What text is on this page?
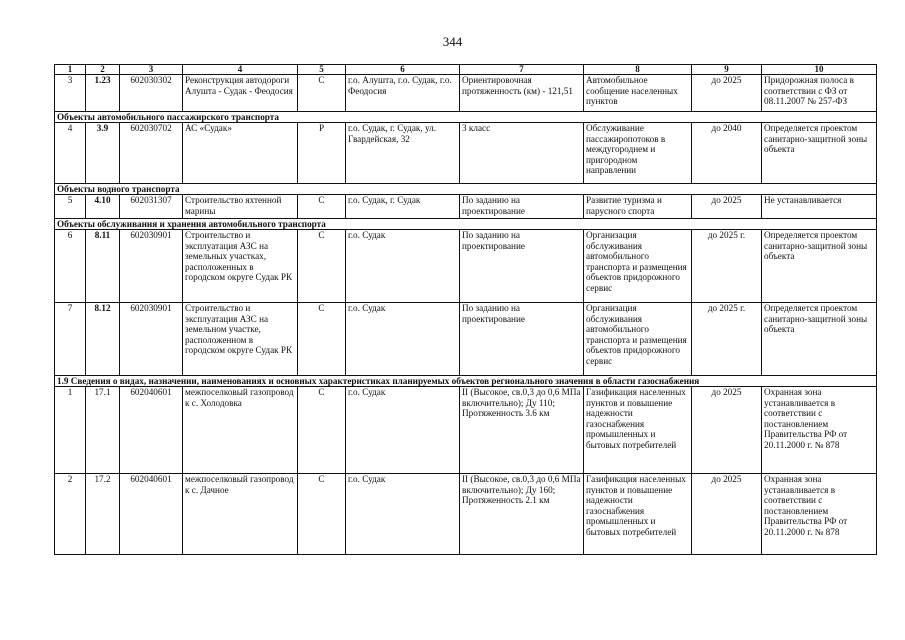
344
1	2	3	4	5	6	7	8	9	10
3	1.23	602030302	Реконструкция автодороги Алушта - Судак - Феодосия	С	г.о. Алушта, г.о. Судак, г.о. Феодосия	Ориентировочная протяженность (км) - 121,51	Автомобильное сообщение населенных пунктов	до 2025	Придорожная полоса в соответствии с ФЗ от 08.11.2007 № 257-ФЗ
Объекты автомобильного пассажирского транспорта									
4	3.9	602030702	АС «Судак»	Р	г.о. Судак, г. Судак, ул. Гвардейская, 32	3 класс	Обслуживание пассажиропотоков в междугороднем и пригородном направлении	до 2040	Определяется проектом санитарно-защитной зоны объекта
Объекты водного транспорта									
5	4.10	602031307	Строительство яхтенной марины	С	г.о. Судак, г. Судак	По заданию на проектирование	Развитие туризма и парусного спорта	до 2025	Не устанавливается
Объекты обслуживания и хранения автомобильного транспорта									
6	8.11	602030901	Строительство и эксплуатация АЗС на земельных участках, расположенных в городском округе Судак РК	С	г.о. Судак	По заданию на проектирование	Организация обслуживания автомобильного транспорта и размещения объектов придорожного сервис	до 2025 г.	Определяется проектом санитарно-защитной зоны объекта
7	8.12	602030901	Строительство и эксплуатация АЗС на земельном участке, расположенном в городском округе Судак РК	С	г.о. Судак	По заданию на проектирование	Организация обслуживания автомобильного транспорта и размещения объектов придорожного сервис	до 2025 г.	Определяется проектом санитарно-защитной зоны объекта
1.9 Сведения о видах, назначении, наименованиях и основных характеристиках планируемых объектов регионального значения в области газоснабжения									
1	17.1	602040601	межпоселковый газопровод к с. Холодовка	С	г.о. Судак	II (Высокое, св.0,3 до 0,6 МПа включительно); Ду 110; Протяженность 3.6 км	Газификация населенных пунктов и повышение надежности газоснабжения промышленных и бытовых потребителей	до 2025	Охранная зона устанавливается в соответствии с постановлением Правительства РФ от 20.11.2000 г. № 878
2	17.2	602040601	межпоселковый газопровод к с. Дачное	С	г.о. Судак	II (Высокое, св.0,3 до 0,6 МПа включительно); Ду 160; Протяженность 2.1 км	Газификация населенных пунктов и повышение надежности газоснабжения промышленных и бытовых потребителей	до 2025	Охранная зона устанавливается в соответствии с постановлением Правительства РФ от 20.11.2000 г. № 878
